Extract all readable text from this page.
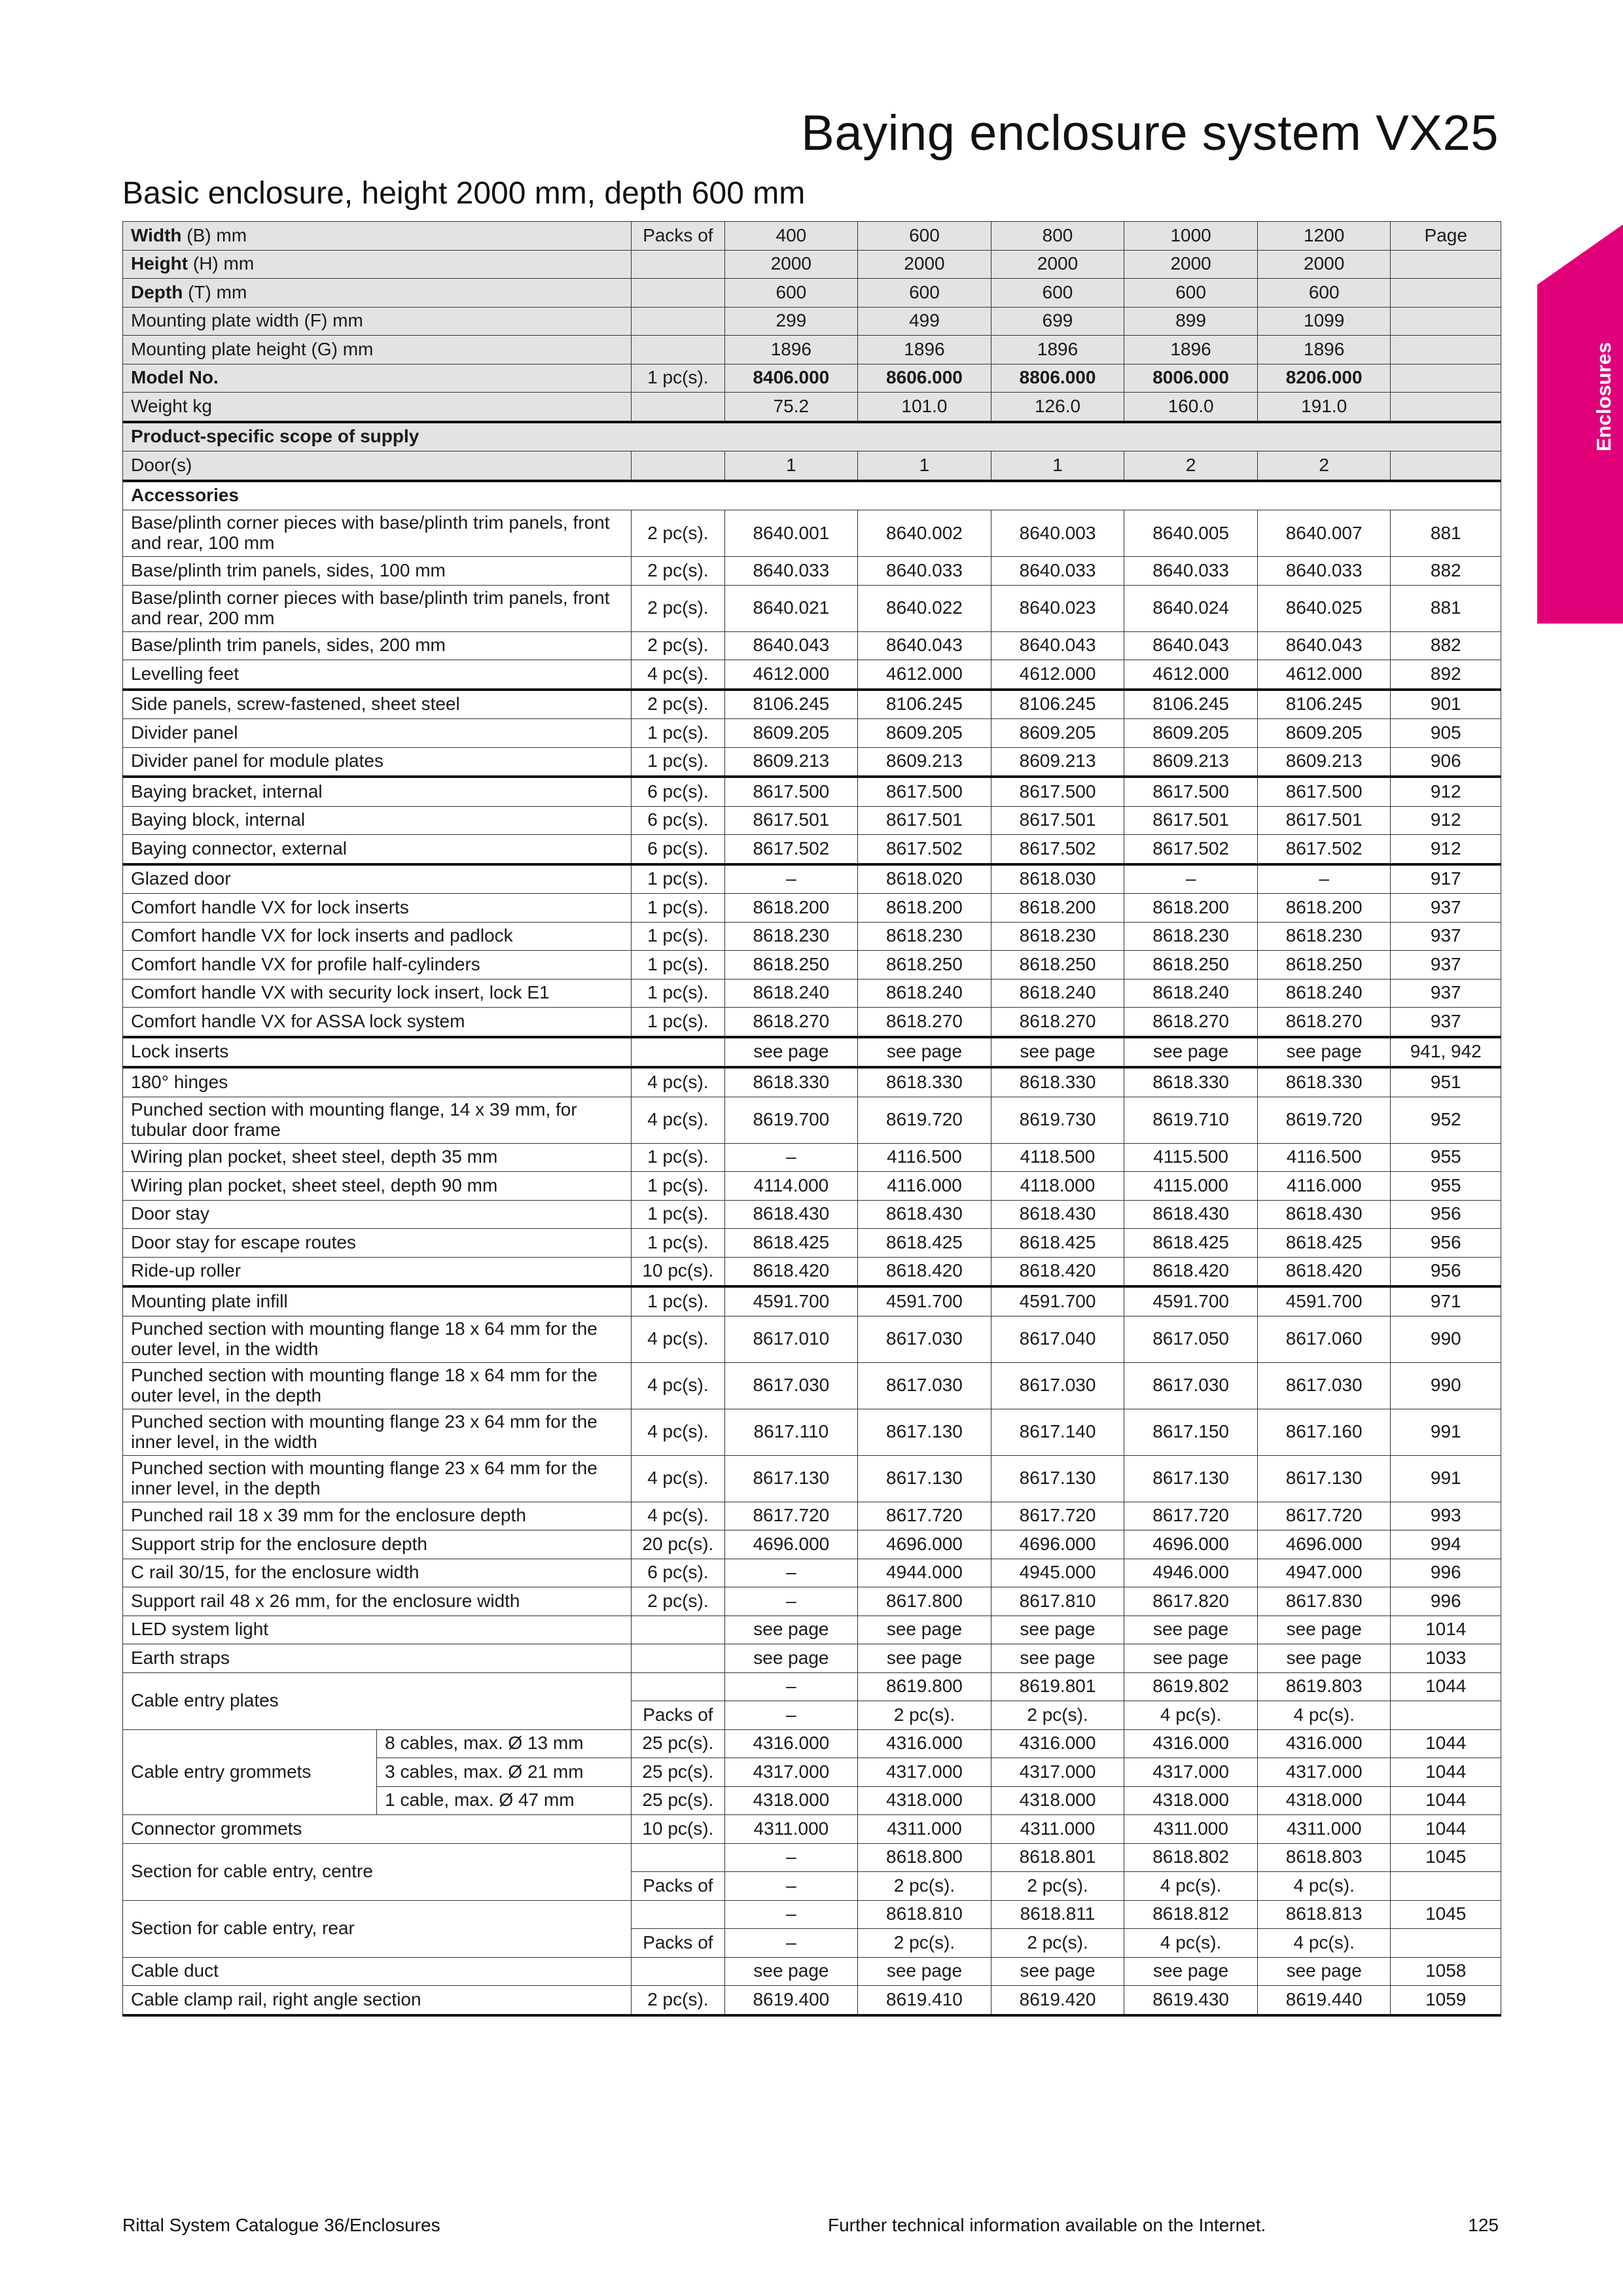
Baying enclosure system VX25
Basic enclosure, height 2000 mm, depth 600 mm
Enclosures
Width (B) mm		Packs of	400	600	800	1000	1200	Page
Height (H) mm			2000	2000	2000	2000	2000	
Depth (T) mm			600	600	600	600	600	
Mounting plate width (F) mm			299	499	699	899	1099	
Mounting plate height (G) mm			1896	1896	1896	1896	1896	
Model No.		1 pc(s).	8406.000	8606.000	8806.000	8006.000	8206.000	
Weight kg			75.2	101.0	126.0	160.0	191.0	
Product-specific scope of supply								
Door(s)			1	1	1	2	2	
Accessories								
Base/plinth corner pieces with base/plinth trim panels, front and rear, 100 mm		2 pc(s).	8640.001	8640.002	8640.003	8640.005	8640.007	881
Base/plinth trim panels, sides, 100 mm		2 pc(s).	8640.033	8640.033	8640.033	8640.033	8640.033	882
Base/plinth corner pieces with base/plinth trim panels, front and rear, 200 mm		2 pc(s).	8640.021	8640.022	8640.023	8640.024	8640.025	881
Base/plinth trim panels, sides, 200 mm		2 pc(s).	8640.043	8640.043	8640.043	8640.043	8640.043	882
Levelling feet		4 pc(s).	4612.000	4612.000	4612.000	4612.000	4612.000	892
Side panels, screw-fastened, sheet steel		2 pc(s).	8106.245	8106.245	8106.245	8106.245	8106.245	901
Divider panel		1 pc(s).	8609.205	8609.205	8609.205	8609.205	8609.205	905
Divider panel for module plates		1 pc(s).	8609.213	8609.213	8609.213	8609.213	8609.213	906
Baying bracket, internal		6 pc(s).	8617.500	8617.500	8617.500	8617.500	8617.500	912
Baying block, internal		6 pc(s).	8617.501	8617.501	8617.501	8617.501	8617.501	912
Baying connector, external		6 pc(s).	8617.502	8617.502	8617.502	8617.502	8617.502	912
Glazed door		1 pc(s).	–	8618.020	8618.030	–	–	917
Comfort handle VX for lock inserts		1 pc(s).	8618.200	8618.200	8618.200	8618.200	8618.200	937
Comfort handle VX for lock inserts and padlock		1 pc(s).	8618.230	8618.230	8618.230	8618.230	8618.230	937
Comfort handle VX for profile half-cylinders		1 pc(s).	8618.250	8618.250	8618.250	8618.250	8618.250	937
Comfort handle VX with security lock insert, lock E1		1 pc(s).	8618.240	8618.240	8618.240	8618.240	8618.240	937
Comfort handle VX for ASSA lock system		1 pc(s).	8618.270	8618.270	8618.270	8618.270	8618.270	937
Lock inserts			see page	see page	see page	see page	see page	941, 942
180° hinges		4 pc(s).	8618.330	8618.330	8618.330	8618.330	8618.330	951
Punched section with mounting flange, 14 x 39 mm, for tubular door frame		4 pc(s).	8619.700	8619.720	8619.730	8619.710	8619.720	952
Wiring plan pocket, sheet steel, depth 35 mm		1 pc(s).	–	4116.500	4118.500	4115.500	4116.500	955
Wiring plan pocket, sheet steel, depth 90 mm		1 pc(s).	4114.000	4116.000	4118.000	4115.000	4116.000	955
Door stay		1 pc(s).	8618.430	8618.430	8618.430	8618.430	8618.430	956
Door stay for escape routes		1 pc(s).	8618.425	8618.425	8618.425	8618.425	8618.425	956
Ride-up roller		10 pc(s).	8618.420	8618.420	8618.420	8618.420	8618.420	956
Mounting plate infill		1 pc(s).	4591.700	4591.700	4591.700	4591.700	4591.700	971
Punched section with mounting flange 18 x 64 mm for the outer level, in the width		4 pc(s).	8617.010	8617.030	8617.040	8617.050	8617.060	990
Punched section with mounting flange 18 x 64 mm for the outer level, in the depth		4 pc(s).	8617.030	8617.030	8617.030	8617.030	8617.030	990
Punched section with mounting flange 23 x 64 mm for the inner level, in the width		4 pc(s).	8617.110	8617.130	8617.140	8617.150	8617.160	991
Punched section with mounting flange 23 x 64 mm for the inner level, in the depth		4 pc(s).	8617.130	8617.130	8617.130	8617.130	8617.130	991
Punched rail 18 x 39 mm for the enclosure depth		4 pc(s).	8617.720	8617.720	8617.720	8617.720	8617.720	993
Support strip for the enclosure depth		20 pc(s).	4696.000	4696.000	4696.000	4696.000	4696.000	994
C rail 30/15, for the enclosure width		6 pc(s).	–	4944.000	4945.000	4946.000	4947.000	996
Support rail 48 x 26 mm, for the enclosure width		2 pc(s).	–	8617.800	8617.810	8617.820	8617.830	996
LED system light			see page	see page	see page	see page	see page	1014
Earth straps			see page	see page	see page	see page	see page	1033
Cable entry plates			–	8619.800	8619.801	8619.802	8619.803	1044
		Packs of	–	2 pc(s).	2 pc(s).	4 pc(s).	4 pc(s).	
Cable entry grommets	8 cables, max. Ø 13 mm	25 pc(s).	4316.000	4316.000	4316.000	4316.000	4316.000	1044
	3 cables, max. Ø 21 mm	25 pc(s).	4317.000	4317.000	4317.000	4317.000	4317.000	1044
	1 cable, max. Ø 47 mm	25 pc(s).	4318.000	4318.000	4318.000	4318.000	4318.000	1044
Connector grommets		10 pc(s).	4311.000	4311.000	4311.000	4311.000	4311.000	1044
Section for cable entry, centre			–	8618.800	8618.801	8618.802	8618.803	1045
		Packs of	–	2 pc(s).	2 pc(s).	4 pc(s).	4 pc(s).	
Section for cable entry, rear			–	8618.810	8618.811	8618.812	8618.813	1045
		Packs of	–	2 pc(s).	2 pc(s).	4 pc(s).	4 pc(s).	
Cable duct			see page	see page	see page	see page	see page	1058
Cable clamp rail, right angle section		2 pc(s).	8619.400	8619.410	8619.420	8619.430	8619.440	1059
Rittal System Catalogue 36/Enclosures	Further technical information available on the Internet.	125
